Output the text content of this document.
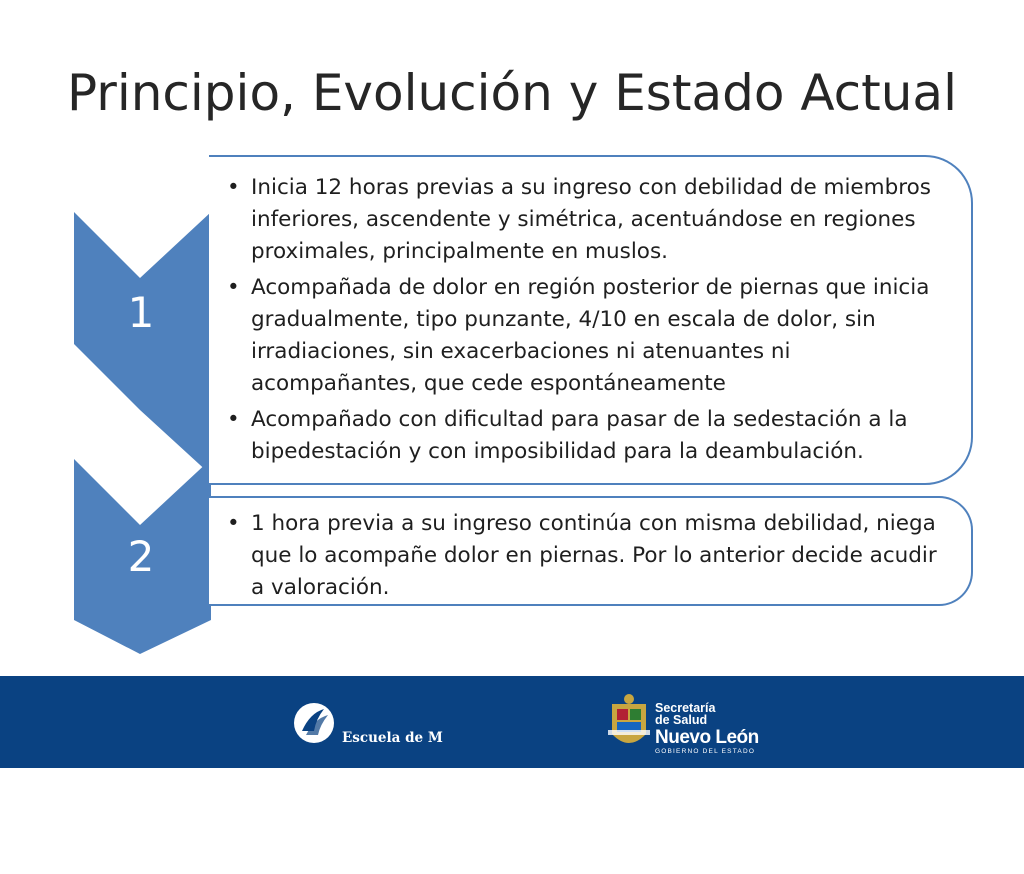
Principio, Evolución y Estado Actual
1
2
• Inicia 12 horas previas a su ingreso con debilidad de miembros inferiores, ascendente y simétrica, acentuándose en regiones proximales, principalmente en muslos.
• Acompañada de dolor en región posterior de piernas que inicia gradualmente, tipo punzante, 4/10 en escala de dolor, sin irradiaciones, sin exacerbaciones ni atenuantes ni acompañantes, que cede espontáneamente
• Acompañado con dificultad para pasar de la sedestación a la bipedestación y con imposibilidad para la deambulación.
• 1 hora previa a su ingreso continúa con misma debilidad, niega que lo acompañe dolor en piernas. Por lo anterior decide acudir a valoración.

Escuela de M

Ciencias de l

TecSalud

Secretaría
de Salud
Nuevo León
GOBIERNO DEL ESTADO
